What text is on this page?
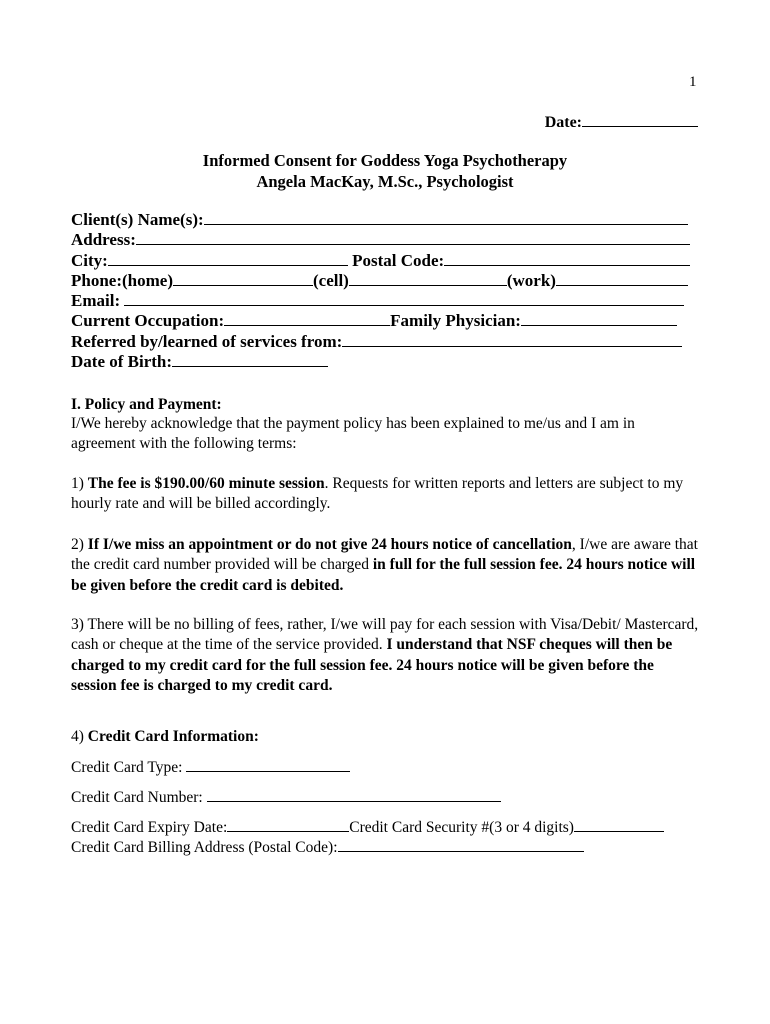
1
Date:
Informed Consent for Goddess Yoga Psychotherapy
Angela MacKay, M.Sc., Psychologist
Client(s) Name(s):
Address:
City:	Postal Code:
Phone:(home)	(cell)	(work)
Email:
Current Occupation:	Family Physician:
Referred by/learned of services from:
Date of Birth:
I. Policy and Payment:
I/We hereby acknowledge that the payment policy has been explained to me/us and I am in agreement with the following terms:
1) The fee is $190.00/60 minute session. Requests for written reports and letters are subject to my hourly rate and will be billed accordingly.
2) If I/we miss an appointment or do not give 24 hours notice of cancellation, I/we are aware that the credit card number provided will be charged in full for the full session fee. 24 hours notice will be given before the credit card is debited.
3) There will be no billing of fees, rather, I/we will pay for each session with Visa/Debit/ Mastercard, cash or cheque at the time of the service provided. I understand that NSF cheques will then be charged to my credit card for the full session fee. 24 hours notice will be given before the session fee is charged to my credit card.
4) Credit Card Information:
Credit Card Type:
Credit Card Number:
Credit Card Expiry Date:	Credit Card Security #(3 or 4 digits)
Credit Card Billing Address (Postal Code):
